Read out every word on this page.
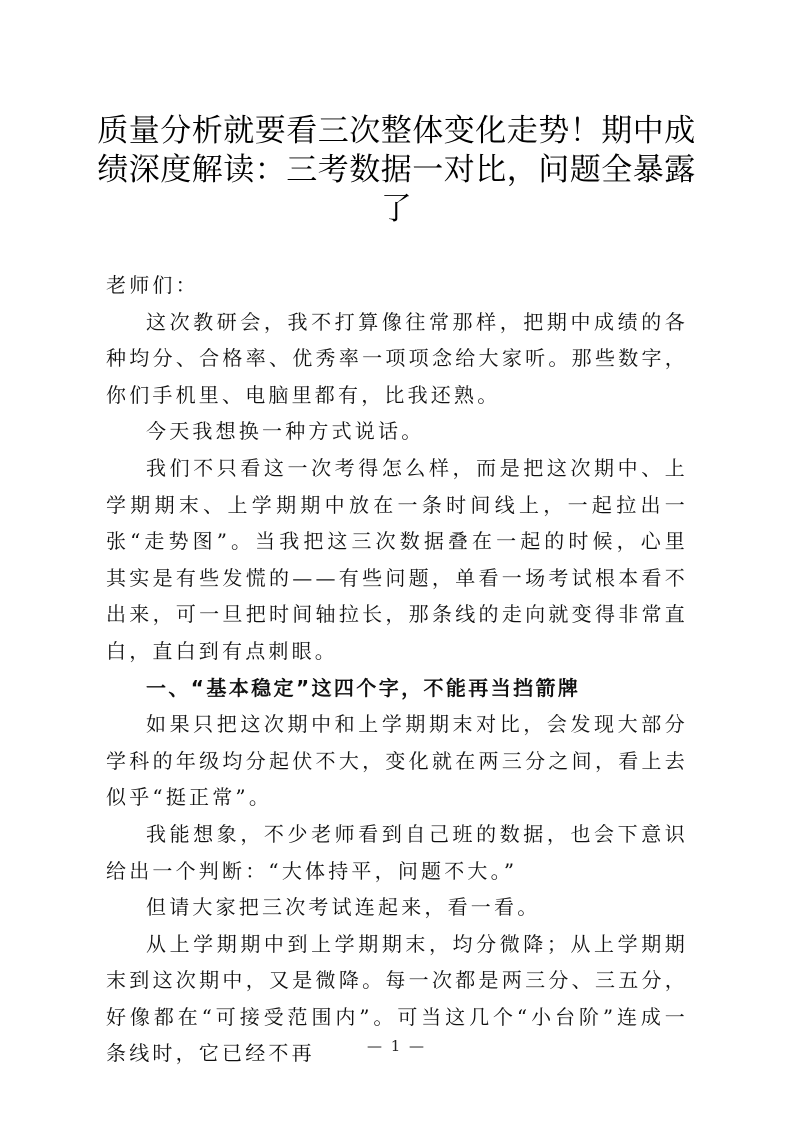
质量分析就要看三次整体变化走势！期中成绩深度解读：三考数据一对比，问题全暴露了

老师们：

这次教研会，我不打算像往常那样，把期中成绩的各种均分、合格率、优秀率一项项念给大家听。那些数字，你们手机里、电脑里都有，比我还熟。

今天我想换一种方式说话。

我们不只看这一次考得怎么样，而是把这次期中、上学期期末、上学期期中放在一条时间线上，一起拉出一张“走势图”。当我把这三次数据叠在一起的时候，心里其实是有些发慌的——有些问题，单看一场考试根本看不出来，可一旦把时间轴拉长，那条线的走向就变得非常直白，直白到有点刺眼。

一、“基本稳定”这四个字，不能再当挡箭牌

如果只把这次期中和上学期期末对比，会发现大部分学科的年级均分起伏不大，变化就在两三分之间，看上去似乎“挺正常”。

我能想象，不少老师看到自己班的数据，也会下意识给出一个判断：“大体持平，问题不大。”

但请大家把三次考试连起来，看一看。

从上学期期中到上学期期末，均分微降；从上学期期末到这次期中，又是微降。每一次都是两三分、三五分，好像都在“可接受范围内”。可当这几个“小台阶”连成一条线时，它已经不再	— 1 —
